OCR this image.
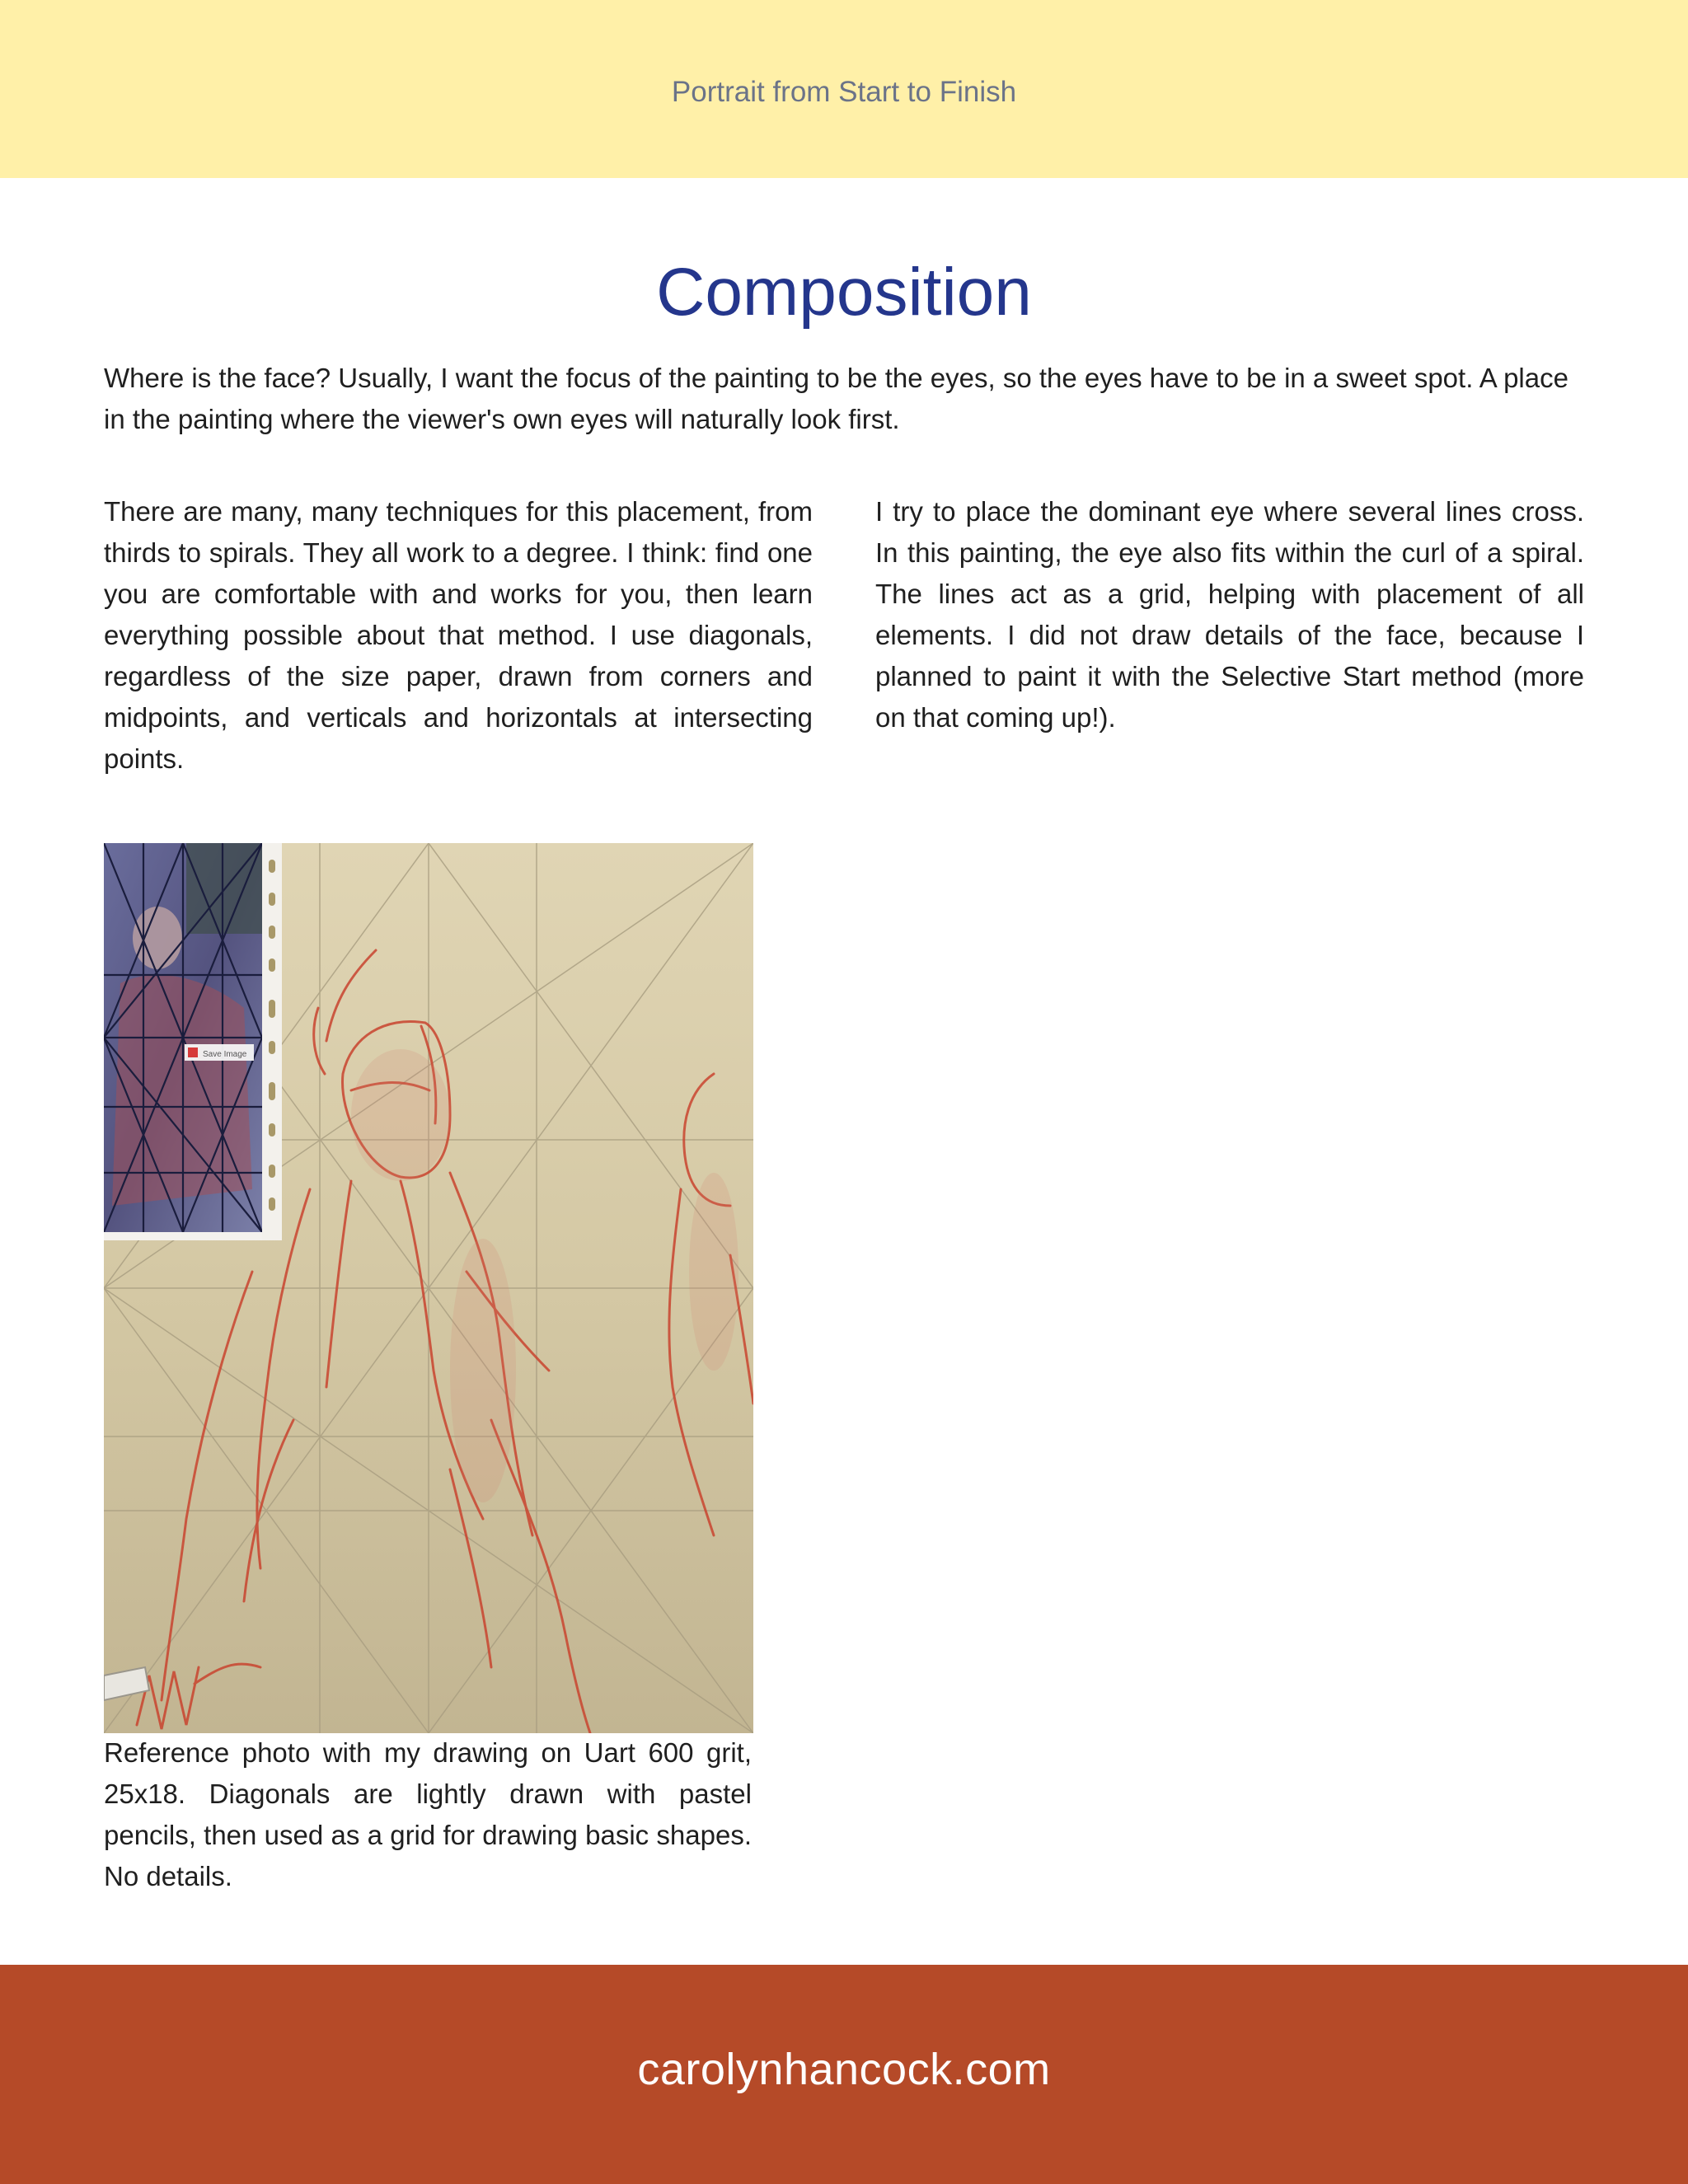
Portrait from Start to Finish
Composition

Where is the face? Usually, I want the focus of the painting to be the eyes, so the eyes have to be in a sweet spot. A place in the painting where the viewer's own eyes will naturally look first.

There are many, many techniques for this placement, from thirds to spirals. They all work to a degree. I think: find one you are comfortable with and works for you, then learn everything possible about that method. I use diagonals, regardless of the size paper, drawn from corners and midpoints, and verticals and horizontals at intersecting points.

I try to place the dominant eye where several lines cross. In this painting, the eye also fits within the curl of a spiral. The lines act as a grid, helping with placement of all elements. I did not draw details of the face, because I planned to paint it with the Selective Start method (more on that coming up!).

Save Image

Reference photo with my drawing on Uart 600 grit, 25x18. Diagonals are lightly drawn with pastel pencils, then used as a grid for drawing basic shapes. No details.

carolynhancock.com
